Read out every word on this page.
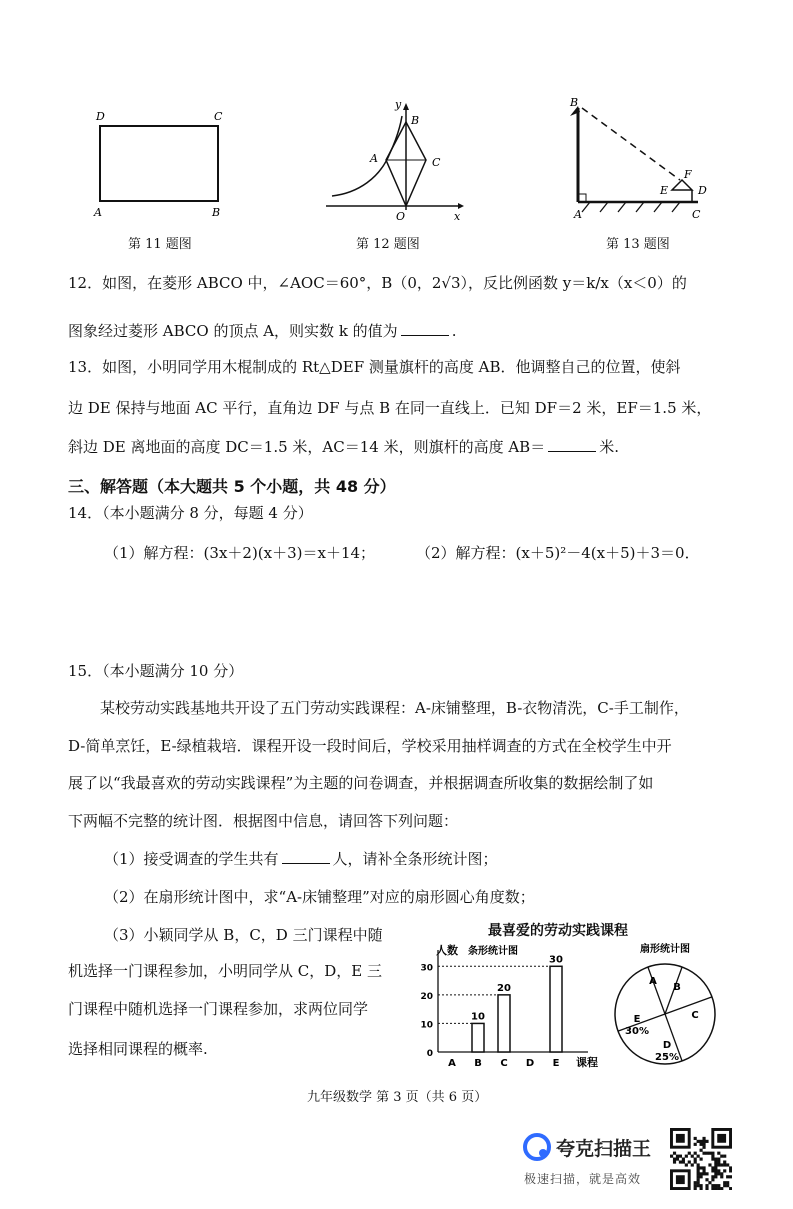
D	C
A	B
第 11 题图
y
B
A	C
O	x
第 12 题图
B
F
E	D
A	C
第 13 题图
12．如图，在菱形 ABCO 中，∠AOC＝60°，B（0，2√3），反比例函数 y＝k/x（x＜0）的
图象经过菱形 ABCO 的顶点 A，则实数 k 的值为	.
13．如图，小明同学用木棍制成的 Rt△DEF 测量旗杆的高度 AB．他调整自己的位置，使斜
边 DE 保持与地面 AC 平行，直角边 DF 与点 B 在同一直线上．已知 DF＝2 米，EF＝1.5 米，
斜边 DE 离地面的高度 DC＝1.5 米，AC＝14 米，则旗杆的高度 AB＝	米.
三、解答题（本大题共 5 个小题，共 48 分）
14．（本小题满分 8 分，每题 4 分）
（1）解方程：(3x＋2)(x＋3)＝x＋14；	（2）解方程：(x＋5)²－4(x＋5)＋3＝0．
15．（本小题满分 10 分）
某校劳动实践基地共开设了五门劳动实践课程：A-床铺整理，B-衣物清洗，C-手工制作，
D-简单烹饪，E-绿植栽培．课程开设一段时间后，学校采用抽样调查的方式在全校学生中开
展了以“我最喜欢的劳动实践课程”为主题的问卷调查，并根据调查所收集的数据绘制了如
下两幅不完整的统计图．根据图中信息，请回答下列问题：
（1）接受调查的学生共有	人，请补全条形统计图；
（2）在扇形统计图中，求“A-床铺整理”对应的扇形圆心角度数；
（3）小颖同学从 B，C，D 三门课程中随
机选择一门课程参加，小明同学从 C，D，E 三
门课程中随机选择一门课程参加，求两位同学
选择相同课程的概率.
最喜爱的劳动实践课程
条形统计图
人数
课程
0
10
20
30
A B
10
C
20
D E
30
扇形统计图
A
B
C
D
25%
E
30%
九年级数学 第 3 页（共 6 页）
夸克扫描王
极速扫描，就是高效
